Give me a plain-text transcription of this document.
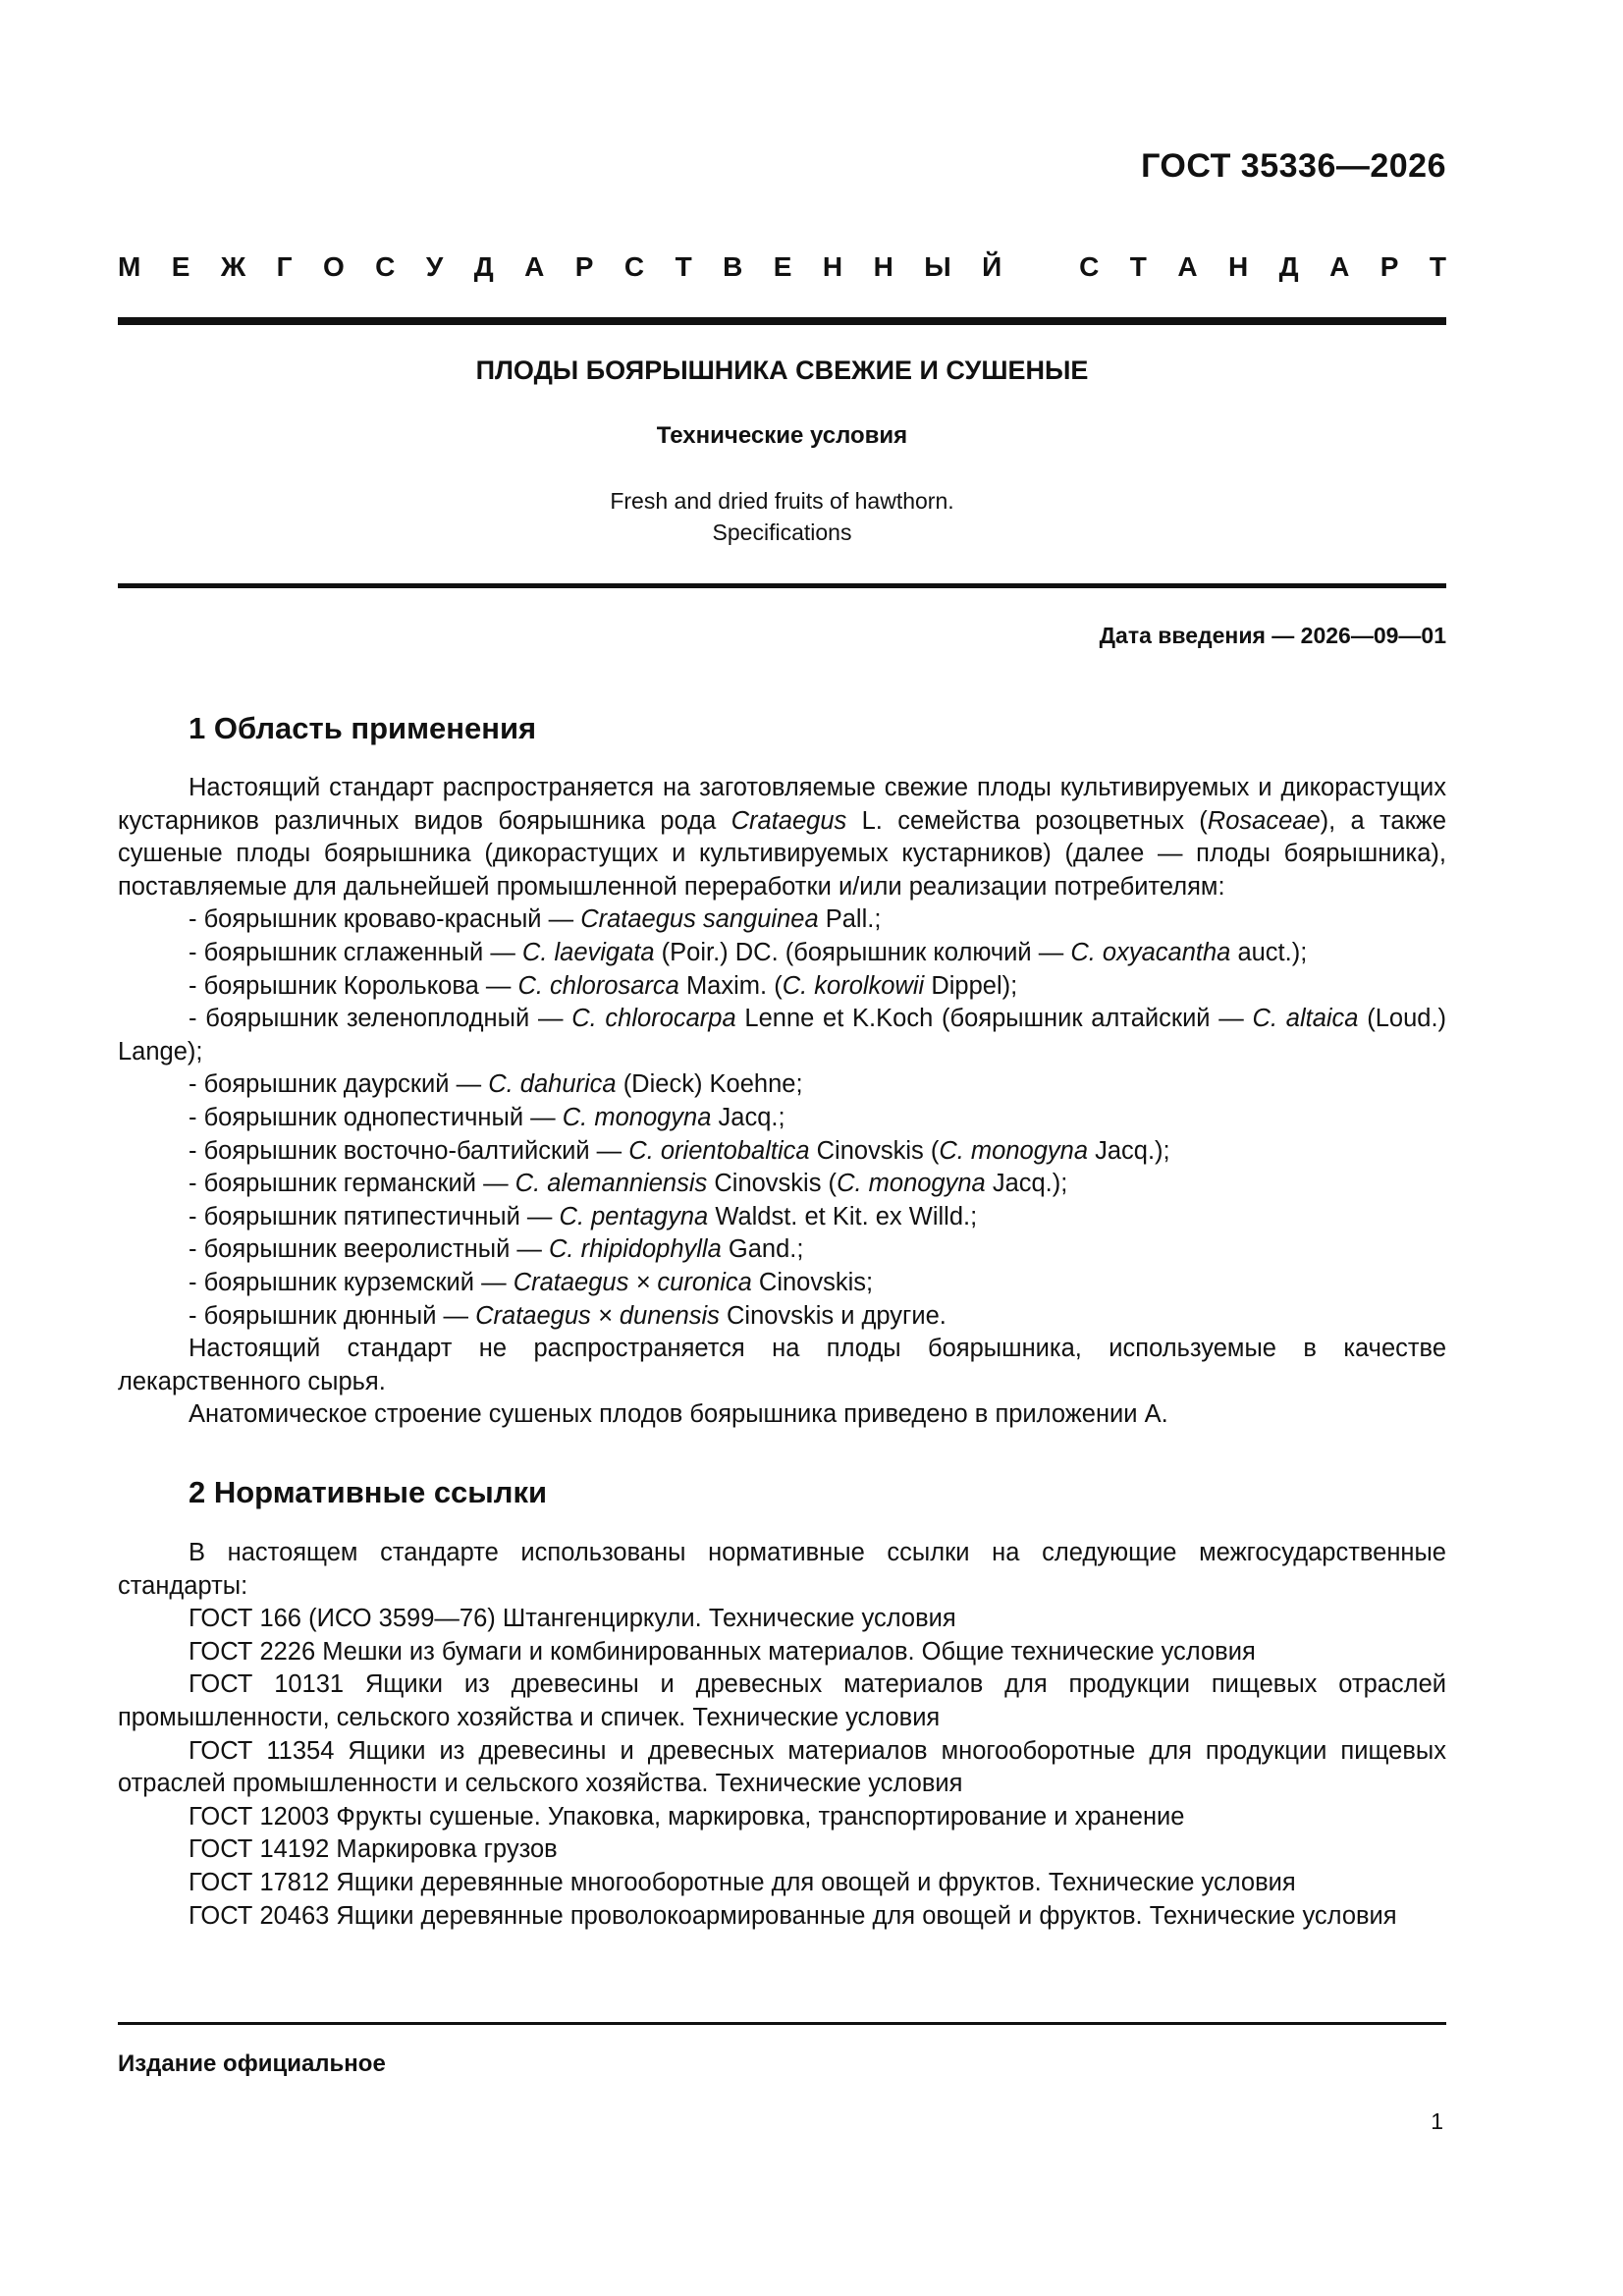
ГОСТ 35336—2026
М Е Ж Г О С У Д А Р С Т В Е Н Н Ы Й	С Т А Н Д А Р Т
ПЛОДЫ БОЯРЫШНИКА СВЕЖИЕ И СУШЕНЫЕ
Технические условия
Fresh and dried fruits of hawthorn.
Specifications
Дата введения — 2026—09—01
1 Область применения

Настоящий стандарт распространяется на заготовляемые свежие плоды культивируемых и дикорастущих кустарников различных видов боярышника рода Crataegus L. семейства розоцветных (Rosaceae), а также сушеные плоды боярышника (дикорастущих и культивируемых кустарников) (далее — плоды боярышника), поставляемые для дальнейшей промышленной переработки и/или реализации потребителям:

- боярышник кроваво-красный — Crataegus sanguinea Pall.;

- боярышник сглаженный — C. laevigata (Poir.) DC. (боярышник колючий — C. oxyacantha auct.);

- боярышник Королькова — C. chlorosarca Maxim. (C. korolkowii Dippel);

- боярышник зеленоплодный — C. chlorocarpa Lenne et K.Koch (боярышник алтайский — C. altaica (Loud.) Lange);

- боярышник даурский — C. dahurica (Dieck) Koehne;

- боярышник однопестичный — C. monogyna Jacq.;

- боярышник восточно-балтийский — C. orientobaltica Cinovskis (C. monogyna Jacq.);

- боярышник германский — C. alemanniensis Cinovskis (C. monogyna Jacq.);

- боярышник пятипестичный — C. pentagyna Waldst. et Kit. ex Willd.;

- боярышник вееролистный — C. rhipidophylla Gand.;

- боярышник курземский — Crataegus × curonica Cinovskis;

- боярышник дюнный — Crataegus × dunensis Cinovskis и другие.

Настоящий стандарт не распространяется на плоды боярышника, используемые в качестве лекарственного сырья.

Анатомическое строение сушеных плодов боярышника приведено в приложении А.

2 Нормативные ссылки

В настоящем стандарте использованы нормативные ссылки на следующие межгосударственные стандарты:

ГОСТ 166 (ИСО 3599—76) Штангенциркули. Технические условия

ГОСТ 2226 Мешки из бумаги и комбинированных материалов. Общие технические условия

ГОСТ 10131 Ящики из древесины и древесных материалов для продукции пищевых отраслей промышленности, сельского хозяйства и спичек. Технические условия

ГОСТ 11354 Ящики из древесины и древесных материалов многооборотные для продукции пищевых отраслей промышленности и сельского хозяйства. Технические условия

ГОСТ 12003 Фрукты сушеные. Упаковка, маркировка, транспортирование и хранение

ГОСТ 14192 Маркировка грузов

ГОСТ 17812 Ящики деревянные многооборотные для овощей и фруктов. Технические условия

ГОСТ 20463 Ящики деревянные проволокоармированные для овощей и фруктов. Технические условия

Издание официальное
1
